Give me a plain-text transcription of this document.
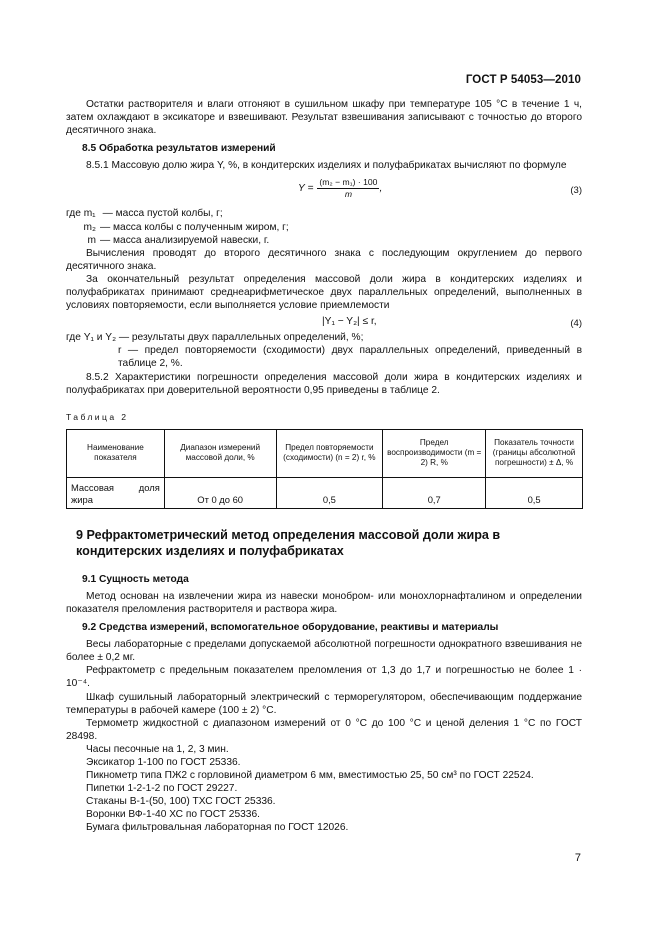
ГОСТ Р 54053—2010

Остатки растворителя и влаги отгоняют в сушильном шкафу при температуре 105 °С в течение 1 ч, затем охлаждают в эксикаторе и взвешивают. Результат взвешивания записывают с точностью до второго десятичного знака.

8.5 Обработка результатов измерений

8.5.1 Массовую долю жира Y, %, в кондитерских изделиях и полуфабрикатах вычисляют по формуле

$Y = \frac{\text{(m₂ − m₁) · 100}}{m}$ ,	(3)
где m₁ — масса пустой колбы, г;
m₂ — масса колбы с полученным жиром, г;
m — масса анализируемой навески, г.

Вычисления проводят до второго десятичного знака с последующим округлением до первого десятичного знака.

За окончательный результат определения массовой доли жира в кондитерских изделиях и полуфабрикатах принимают среднеарифметическое двух параллельных определений, выполненных в условиях повторяемости, если выполняется условие приемлемости

|Y₁ − Y₂| ≤ r,	(4)

где Y₁ и Y₂ — результаты двух параллельных определений, %;

r — предел повторяемости (сходимости) двух параллельных определений, приведенный в таблице 2, %.

8.5.2 Характеристики погрешности определения массовой доли жира в кондитерских изделиях и полуфабрикатах при доверительной вероятности 0,95 приведены в таблице 2.

Таблица 2
Наименование показателя	Диапазон измерений массовой доли, %	Предел повторяемости (сходимости) (n = 2) r, %	Предел воспроизводимости (m = 2) R, %	Показатель точности (границы абсолютной погрешности) ± Δ, %
Массовая доля жира	От 0 до 60	0,5	0,7	0,5
9 Рефрактометрический метод определения массовой доли жира в кондитерских изделиях и полуфабрикатах
9.1 Сущность метода

Метод основан на извлечении жира из навески монобром- или монохлорнафталином и определении показателя преломления растворителя и раствора жира.

9.2 Средства измерений, вспомогательное оборудование, реактивы и материалы

Весы лабораторные с пределами допускаемой абсолютной погрешности однократного взвешивания не более ± 0,2 мг.

Рефрактометр с предельным показателем преломления от 1,3 до 1,7 и погрешностью не более 1 · 10⁻⁴.

Шкаф сушильный лабораторный электрический с терморегулятором, обеспечивающим поддержание температуры в рабочей камере (100 ± 2) °С.

Термометр жидкостной с диапазоном измерений от 0 °С до 100 °С и ценой деления 1 °С по ГОСТ 28498.

Часы песочные на 1, 2, 3 мин.

Эксикатор 1-100 по ГОСТ 25336.

Пикнометр типа ПЖ2 с горловиной диаметром 6 мм, вместимостью 25, 50 см³ по ГОСТ 22524.

Пипетки 1-2-1-2 по ГОСТ 29227.

Стаканы В-1-(50, 100) ТХС ГОСТ 25336.

Воронки ВФ-1-40 ХС по ГОСТ 25336.

Бумага фильтровальная лабораторная по ГОСТ 12026.

7
